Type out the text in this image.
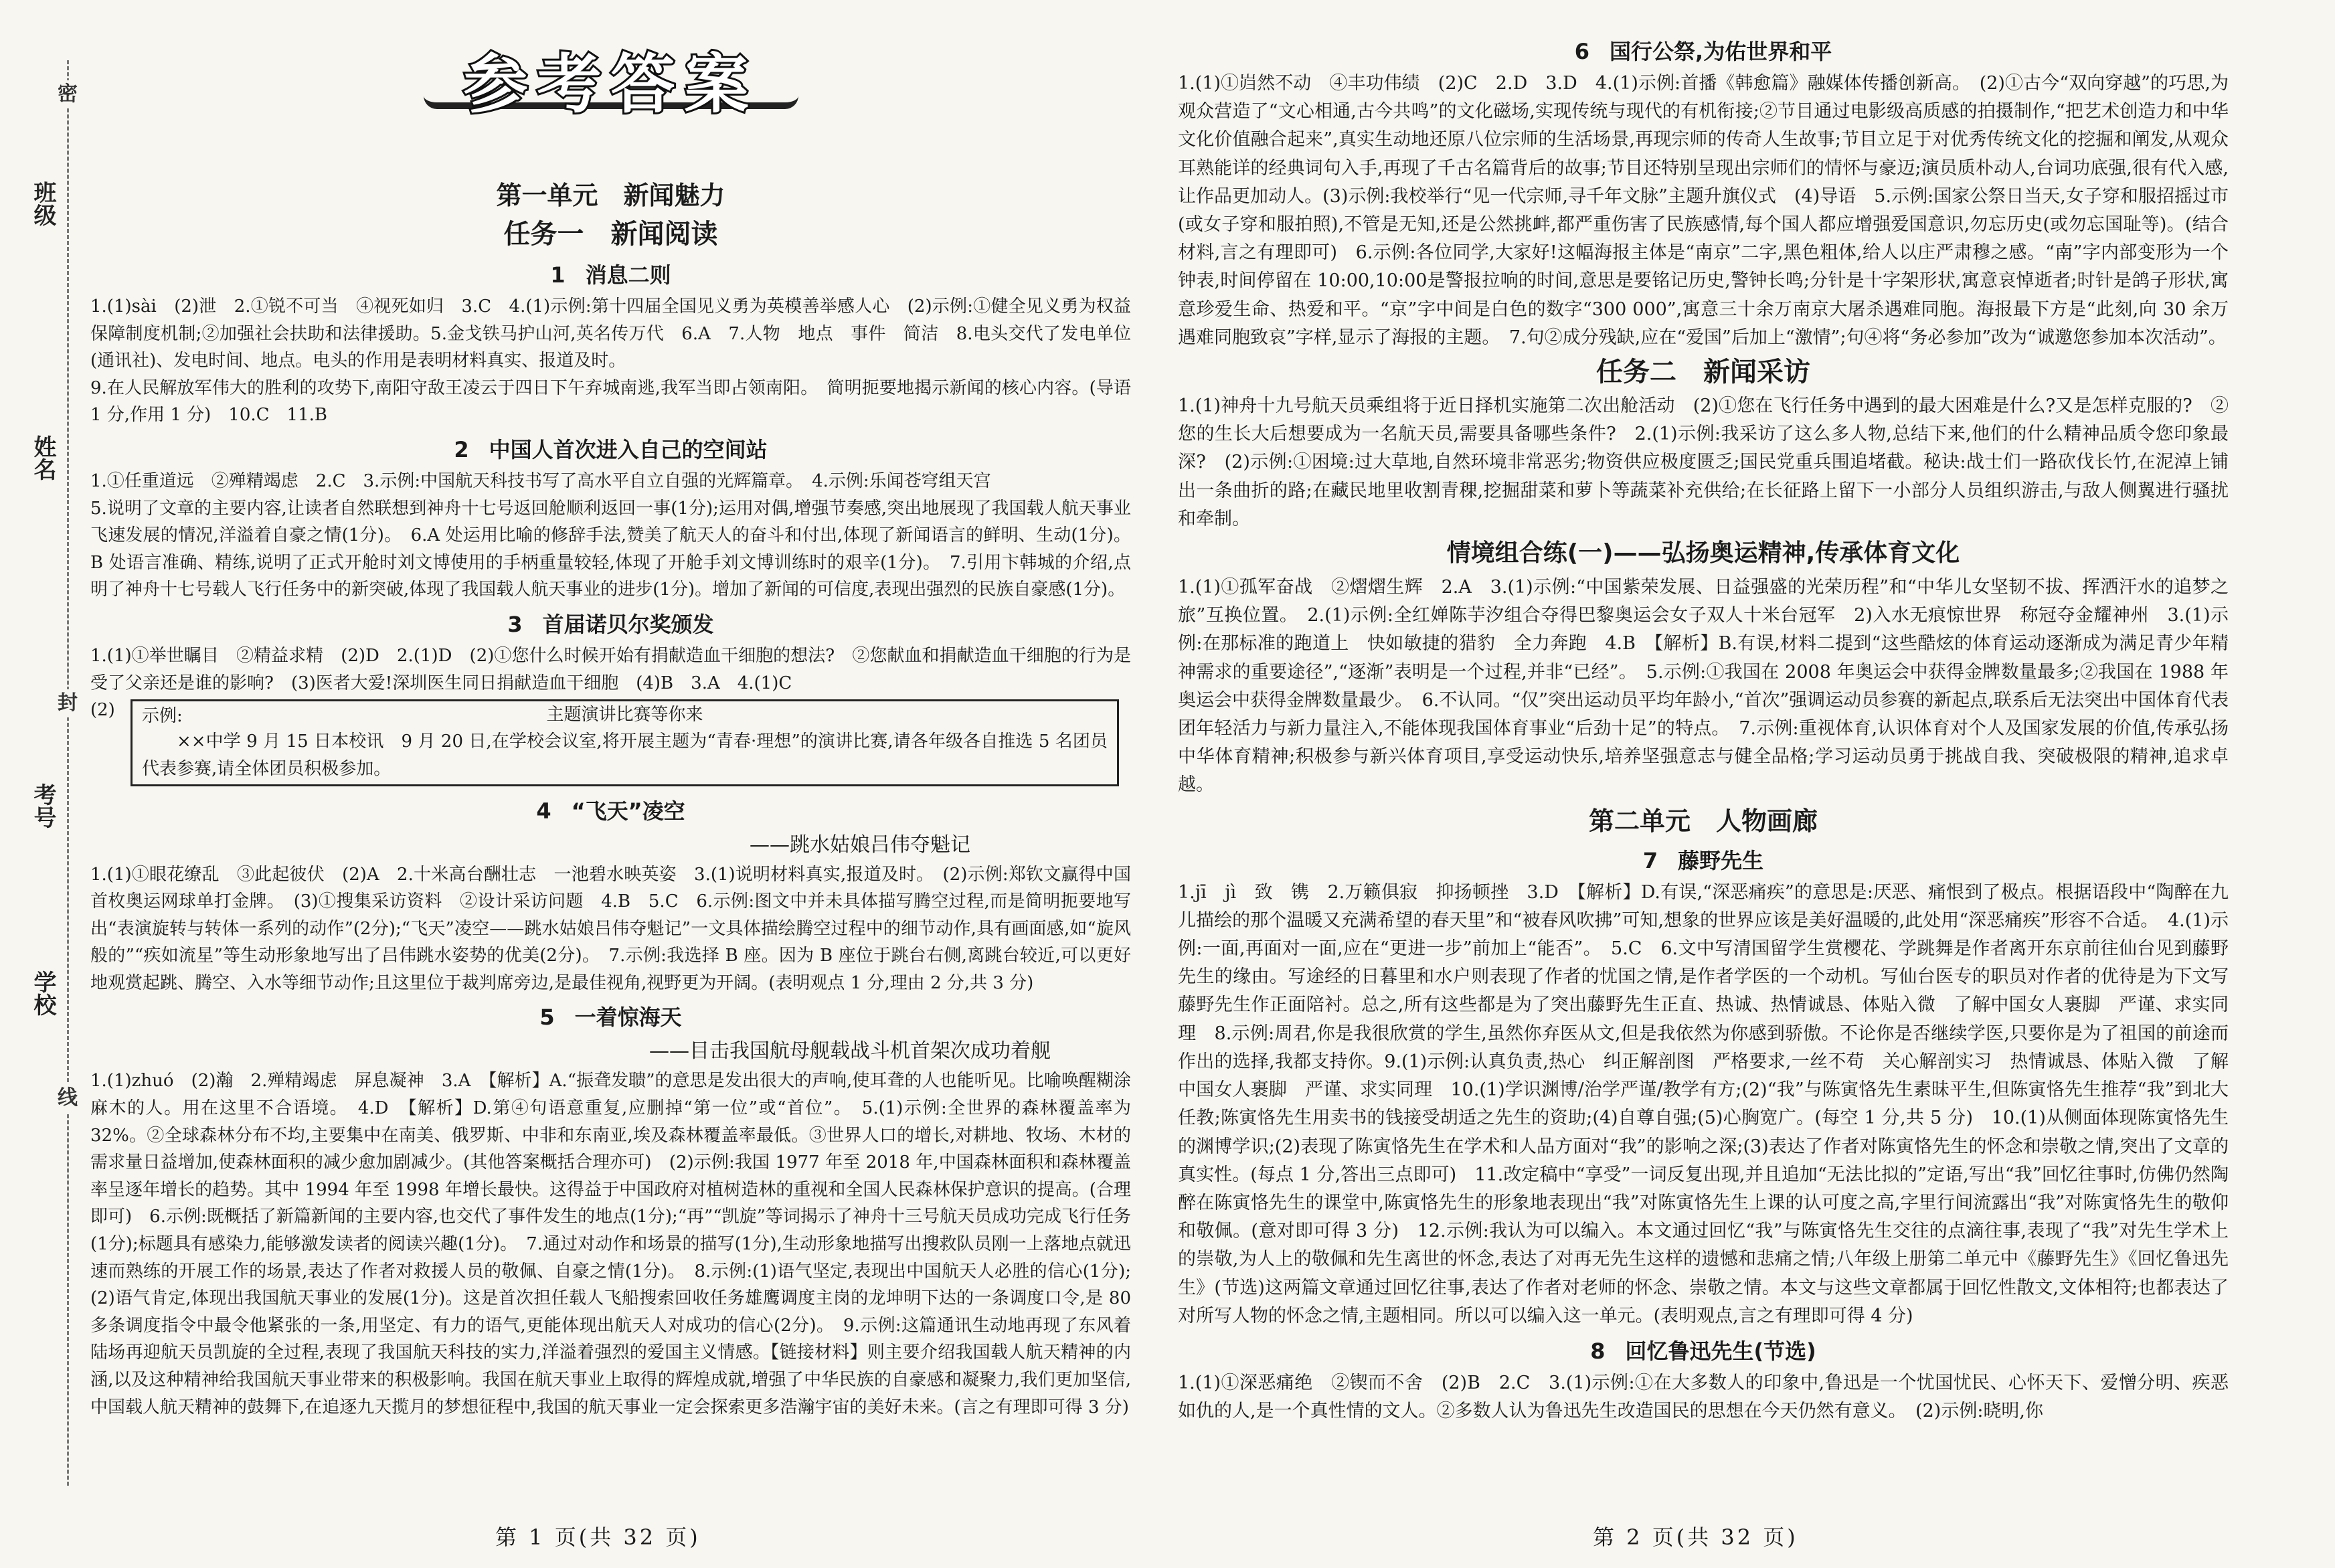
密
封
线
班级
姓名
考号
学校
参考答案
第一单元　新闻魅力
任务一　新闻阅读
1 消息二则
1.(1)sài　(2)泄　2.①锐不可当　④视死如归　3.C　4.(1)示例:第十四届全国见义勇为英模善举感人心　(2)示例:①健全见义勇为权益保障制度机制;②加强社会扶助和法律援助。5.金戈铁马护山河,英名传万代　6.A　7.人物　地点　事件　简洁　8.电头交代了发电单位(通讯社)、发电时间、地点。电头的作用是表明材料真实、报道及时。
9.在人民解放军伟大的胜利的攻势下,南阳守敌王凌云于四日下午弃城南逃,我军当即占领南阳。　简明扼要地揭示新闻的核心内容。(导语 1 分,作用 1 分)　10.C　11.B
2 中国人首次进入自己的空间站
1.①任重道远　②殚精竭虑　2.C　3.示例:中国航天科技书写了高水平自立自强的光辉篇章。　4.示例:乐闻苍穹组天宫
5.说明了文章的主要内容,让读者自然联想到神舟十七号返回舱顺利返回一事(1分);运用对偶,增强节奏感,突出地展现了我国载人航天事业飞速发展的情况,洋溢着自豪之情(1分)。　6.A 处运用比喻的修辞手法,赞美了航天人的奋斗和付出,体现了新闻语言的鲜明、生动(1分)。B 处语言准确、精练,说明了正式开舱时刘文博使用的手柄重量较轻,体现了开舱手刘文博训练时的艰辛(1分)。　7.引用卞韩城的介绍,点明了神舟十七号载人飞行任务中的新突破,体现了我国载人航天事业的进步(1分)。增加了新闻的可信度,表现出强烈的民族自豪感(1分)。
3 首届诺贝尔奖颁发
1.(1)①举世瞩目　②精益求精　(2)D　2.(1)D　(2)①您什么时候开始有捐献造血干细胞的想法?　②您献血和捐献造血干细胞的行为是受了父亲还是谁的影响?　(3)医者大爱!深圳医生同日捐献造血干细胞　(4)B　3.A　4.(1)C
(2)	示例:	主题演讲比赛等你来
××中学 9 月 15 日本校讯　9 月 20 日,在学校会议室,将开展主题为“青春·理想”的演讲比赛,请各年级各自推选 5 名团员代表参赛,请全体团员积极参加。
4 “飞天”凌空
——跳水姑娘吕伟夺魁记
1.(1)①眼花缭乱　③此起彼伏　(2)A　2.十米高台酬壮志　一池碧水映英姿　3.(1)说明材料真实,报道及时。　(2)示例:郑钦文赢得中国首枚奥运网球单打金牌。　(3)①搜集采访资料　②设计采访问题　4.B　5.C　6.示例:图文中并未具体描写腾空过程,而是简明扼要地写出“表演旋转与转体一系列的动作”(2分);“飞天”凌空——跳水姑娘吕伟夺魁记”一文具体描绘腾空过程中的细节动作,具有画面感,如“旋风般的”“疾如流星”等生动形象地写出了吕伟跳水姿势的优美(2分)。　7.示例:我选择 B 座。因为 B 座位于跳台右侧,离跳台较近,可以更好地观赏起跳、腾空、入水等细节动作;且这里位于裁判席旁边,是最佳视角,视野更为开阔。(表明观点 1 分,理由 2 分,共 3 分)
5 一着惊海天
——目击我国航母舰载战斗机首架次成功着舰
1.(1)zhuó　(2)瀚　2.殚精竭虑　屏息凝神　3.A　【解析】A.“振聋发聩”的意思是发出很大的声响,使耳聋的人也能听见。比喻唤醒糊涂麻木的人。用在这里不合语境。　4.D　【解析】D.第④句语意重复,应删掉“第一位”或“首位”。　5.(1)示例:全世界的森林覆盖率为 32%。②全球森林分布不均,主要集中在南美、俄罗斯、中非和东南亚,埃及森林覆盖率最低。③世界人口的增长,对耕地、牧场、木材的需求量日益增加,使森林面积的减少愈加剧减少。(其他答案概括合理亦可)　(2)示例:我国 1977 年至 2018 年,中国森林面积和森林覆盖率呈逐年增长的趋势。其中 1994 年至 1998 年增长最快。这得益于中国政府对植树造林的重视和全国人民森林保护意识的提高。(合理即可)　6.示例:既概括了新篇新闻的主要内容,也交代了事件发生的地点(1分);“再”“凯旋”等词揭示了神舟十三号航天员成功完成飞行任务(1分);标题具有感染力,能够激发读者的阅读兴趣(1分)。　7.通过对动作和场景的描写(1分),生动形象地描写出搜救队员刚一上落地点就迅速而熟练的开展工作的场景,表达了作者对救援人员的敬佩、自豪之情(1分)。　8.示例:(1)语气坚定,表现出中国航天人必胜的信心(1分);(2)语气肯定,体现出我国航天事业的发展(1分)。这是首次担任载人飞船搜索回收任务雄鹰调度主岗的龙坤明下达的一条调度口令,是 80 多条调度指令中最令他紧张的一条,用坚定、有力的语气,更能体现出航天人对成功的信心(2分)。　9.示例:这篇通讯生动地再现了东风着陆场再迎航天员凯旋的全过程,表现了我国航天科技的实力,洋溢着强烈的爱国主义情感。【链接材料】则主要介绍我国载人航天精神的内涵,以及这种精神给我国航天事业带来的积极影响。我国在航天事业上取得的辉煌成就,增强了中华民族的自豪感和凝聚力,我们更加坚信,中国载人航天精神的鼓舞下,在追逐九天揽月的梦想征程中,我国的航天事业一定会探索更多浩瀚宇宙的美好未来。(言之有理即可得 3 分)
6 国行公祭,为佑世界和平
1.(1)①岿然不动　④丰功伟绩　(2)C　2.D　3.D　4.(1)示例:首播《韩愈篇》融媒体传播创新高。　(2)①古今“双向穿越”的巧思,为观众营造了“文心相通,古今共鸣”的文化磁场,实现传统与现代的有机衔接;②节目通过电影级高质感的拍摄制作,“把艺术创造力和中华文化价值融合起来”,真实生动地还原八位宗师的生活场景,再现宗师的传奇人生故事;节目立足于对优秀传统文化的挖掘和阐发,从观众耳熟能详的经典词句入手,再现了千古名篇背后的故事;节目还特别呈现出宗师们的情怀与豪迈;演员质朴动人,台词功底强,很有代入感,让作品更加动人。(3)示例:我校举行“见一代宗师,寻千年文脉”主题升旗仪式　(4)导语　5.示例:国家公祭日当天,女子穿和服招摇过市(或女子穿和服拍照),不管是无知,还是公然挑衅,都严重伤害了民族感情,每个国人都应增强爱国意识,勿忘历史(或勿忘国耻等)。(结合材料,言之有理即可)　6.示例:各位同学,大家好!这幅海报主体是“南京”二字,黑色粗体,给人以庄严肃穆之感。“南”字内部变形为一个钟表,时间停留在 10:00,10:00是警报拉响的时间,意思是要铭记历史,警钟长鸣;分针是十字架形状,寓意哀悼逝者;时针是鸽子形状,寓意珍爱生命、热爱和平。“京”字中间是白色的数字“300 000”,寓意三十余万南京大屠杀遇难同胞。海报最下方是“此刻,向 30 余万遇难同胞致哀”字样,显示了海报的主题。　7.句②成分残缺,应在“爱国”后加上“激情”;句④将“务必参加”改为“诚邀您参加本次活动”。
任务二　新闻采访
1.(1)神舟十九号航天员乘组将于近日择机实施第二次出舱活动　(2)①您在飞行任务中遇到的最大困难是什么?又是怎样克服的?　②您的生长大后想要成为一名航天员,需要具备哪些条件?　2.(1)示例:我采访了这么多人物,总结下来,他们的什么精神品质令您印象最深?　(2)示例:①困境:过大草地,自然环境非常恶劣;物资供应极度匮乏;国民党重兵围追堵截。秘诀:战士们一路砍伐长竹,在泥淖上铺出一条曲折的路;在藏民地里收割青稞,挖掘甜菜和萝卜等蔬菜补充供给;在长征路上留下一小部分人员组织游击,与敌人侧翼进行骚扰和牵制。
情境组合练(一)——弘扬奥运精神,传承体育文化
1.(1)①孤军奋战　②熠熠生辉　2.A　3.(1)示例:“中国紫荣发展、日益强盛的光荣历程”和“中华儿女坚韧不拔、挥洒汗水的追梦之旅”互换位置。　2.(1)示例:全红婵陈芋汐组合夺得巴黎奥运会女子双人十米台冠军　2)入水无痕惊世界　称冠夺金耀神州　3.(1)示例:在那标准的跑道上　快如敏捷的猎豹　全力奔跑　4.B　【解析】B.有误,材料二提到“这些酷炫的体育运动逐渐成为满足青少年精神需求的重要途径”,“逐渐”表明是一个过程,并非“已经”。　5.示例:①我国在 2008 年奥运会中获得金牌数量最多;②我国在 1988 年奥运会中获得金牌数量最少。　6.不认同。“仅”突出运动员平均年龄小,“首次”强调运动员参赛的新起点,联系后无法突出中国体育代表团年轻活力与新力量注入,不能体现我国体育事业“后劲十足”的特点。　7.示例:重视体育,认识体育对个人及国家发展的价值,传承弘扬中华体育精神;积极参与新兴体育项目,享受运动快乐,培养坚强意志与健全品格;学习运动员勇于挑战自我、突破极限的精神,追求卓越。
第二单元　人物画廊
7 藤野先生
1.jī　jì　致　镌　2.万籁俱寂　抑扬顿挫　3.D　【解析】D.有误,“深恶痛疾”的意思是:厌恶、痛恨到了极点。根据语段中“陶醉在九儿描绘的那个温暖又充满希望的春天里”和“被春风吹拂”可知,想象的世界应该是美好温暖的,此处用“深恶痛疾”形容不合适。　4.(1)示例:一面,再面对一面,应在“更进一步”前加上“能否”。　5.C　6.文中写清国留学生赏樱花、学跳舞是作者离开东京前往仙台见到藤野先生的缘由。写途经的日暮里和水户则表现了作者的忧国之情,是作者学医的一个动机。写仙台医专的职员对作者的优待是为下文写藤野先生作正面陪衬。总之,所有这些都是为了突出藤野先生正直、热诚、热情诚恳、体贴入微　了解中国女人裹脚　严谨、求实同理　8.示例:周君,你是我很欣赏的学生,虽然你弃医从文,但是我依然为你感到骄傲。不论你是否继续学医,只要你是为了祖国的前途而作出的选择,我都支持你。9.(1)示例:认真负责,热心　纠正解剖图　严格要求,一丝不苟　关心解剖实习　热情诚恳、体贴入微　了解中国女人裹脚　严谨、求实同理　10.(1)学识渊博/治学严谨/教学有方;(2)“我”与陈寅恪先生素昧平生,但陈寅恪先生推荐“我”到北大任教;陈寅恪先生用卖书的钱接受胡适之先生的资助;(4)自尊自强;(5)心胸宽广。(每空 1 分,共 5 分)　10.(1)从侧面体现陈寅恪先生的渊博学识;(2)表现了陈寅恪先生在学术和人品方面对“我”的影响之深;(3)表达了作者对陈寅恪先生的怀念和崇敬之情,突出了文章的真实性。(每点 1 分,答出三点即可)　11.改定稿中“享受”一词反复出现,并且追加“无法比拟的”定语,写出“我”回忆往事时,仿佛仍然陶醉在陈寅恪先生的课堂中,陈寅恪先生的形象地表现出“我”对陈寅恪先生上课的认可度之高,字里行间流露出“我”对陈寅恪先生的敬仰和敬佩。(意对即可得 3 分)　12.示例:我认为可以编入。本文通过回忆“我”与陈寅恪先生交往的点滴往事,表现了“我”对先生学术上的崇敬,为人上的敬佩和先生离世的怀念,表达了对再无先生这样的遗憾和悲痛之情;八年级上册第二单元中《藤野先生》《回忆鲁迅先生》(节选)这两篇文章通过回忆往事,表达了作者对老师的怀念、崇敬之情。本文与这些文章都属于回忆性散文,文体相符;也都表达了对所写人物的怀念之情,主题相同。所以可以编入这一单元。(表明观点,言之有理即可得 4 分)
8 回忆鲁迅先生(节选)
1.(1)①深恶痛绝　②锲而不舍　(2)B　2.C　3.(1)示例:①在大多数人的印象中,鲁迅是一个忧国忧民、心怀天下、爱憎分明、疾恶如仇的人,是一个真性情的文人。②多数人认为鲁迅先生改造国民的思想在今天仍然有意义。　(2)示例:晓明,你
第 1 页(共 32 页)	第 2 页(共 32 页)
